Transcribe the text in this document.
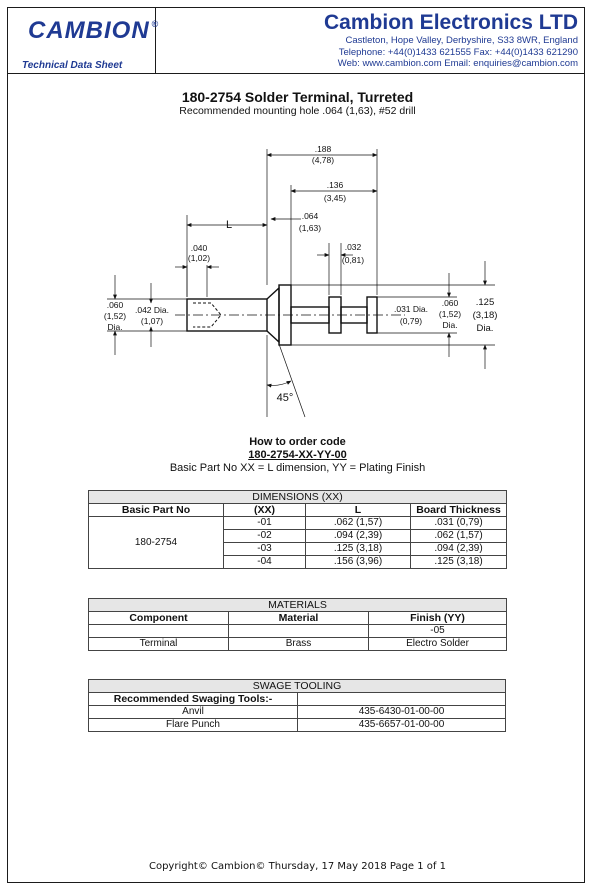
CAMBION ®
Technical Data Sheet
Cambion Electronics LTD
Castleton, Hope Valley, Derbyshire, S33 8WR, England
Telephone: +44(0)1433 621555 Fax: +44(0)1433 621290
Web: www.cambion.com Email: enquiries@cambion.com
180-2754 Solder Terminal, Turreted
Recommended mounting hole .064 (1,63), #52 drill
.188
(4,78)
.136
(3,45)
.064
(1,63)
L
.040
(1,02)
.032
(0,81)
.060
(1,52)
Dia.
.042 Dia.
(1,07)
.031 Dia.
(0,79)
.060
(1,52)
Dia.
.125
(3,18)
Dia.
45°
How to order code
180-2754-XX-YY-00
Basic Part No XX = L dimension, YY = Plating Finish
DIMENSIONS (XX)			
Basic Part No	(XX)	L	Board Thickness
180-2754	-01	.062 (1,57)	.031 (0,79)
	-02	.094 (2,39)	.062 (1,57)
	-03	.125 (3,18)	.094 (2,39)
	-04	.156 (3,96)	.125 (3,18)
MATERIALS		
Component	Material	Finish (YY)
		-05
Terminal	Brass	Electro Solder
SWAGE TOOLING	
Recommended Swaging Tools:-	
Anvil	435-6430-01-00-00
Flare Punch	435-6657-01-00-00
Copyright© Cambion© Thursday, 17 May 2018 Page 1 of 1
